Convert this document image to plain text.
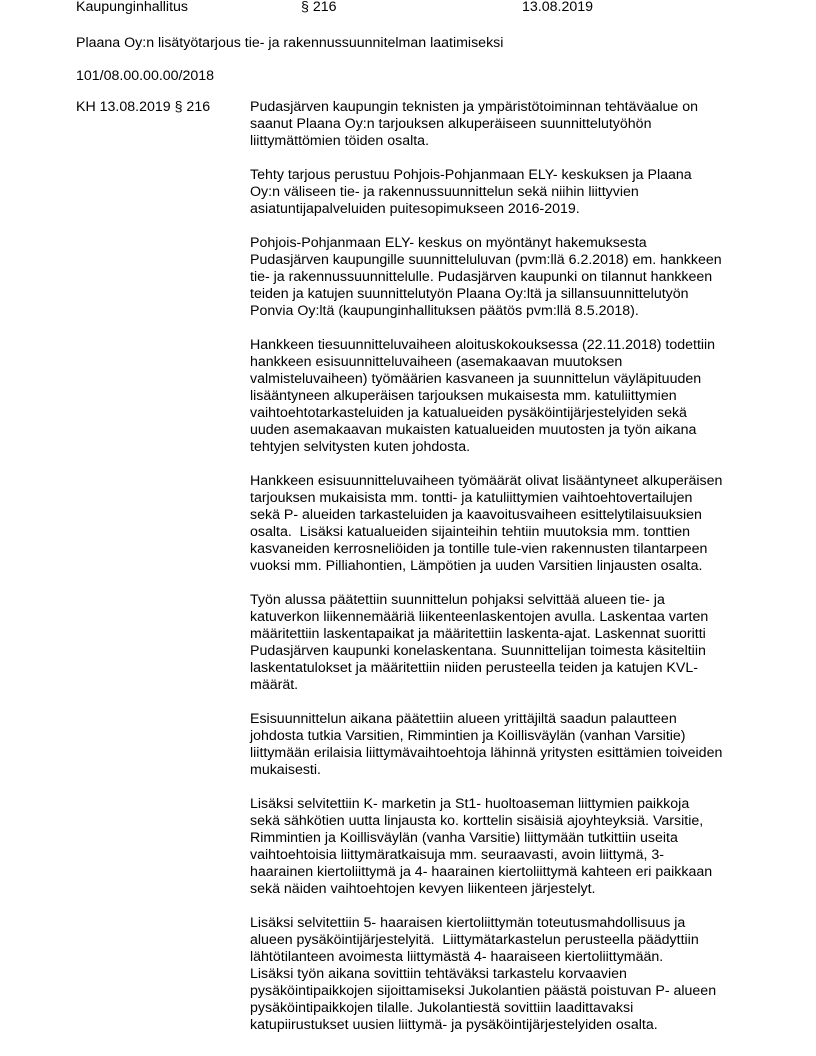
Kaupunginhallitus	§ 216	13.08.2019
Plaana Oy:n lisätyötarjous tie- ja rakennussuunnitelman laatimiseksi
101/08.00.00.00/2018
KH 13.08.2019 § 216	Pudasjärven kaupungin teknisten ja ympäristötoiminnan tehtäväalue on
saanut Plaana Oy:n tarjouksen alkuperäiseen suunnittelutyöhön
liittymättömien töiden osalta.

Tehty tarjous perustuu Pohjois-Pohjanmaan ELY- keskuksen ja Plaana
Oy:n väliseen tie- ja rakennussuunnittelun sekä niihin liittyvien
asiatuntijapalveluiden puitesopimukseen 2016-2019.

Pohjois-Pohjanmaan ELY- keskus on myöntänyt hakemuksesta
Pudasjärven kaupungille suunnitteluluvan (pvm:llä 6.2.2018) em. hankkeen
tie- ja rakennussuunnittelulle. Pudasjärven kaupunki on tilannut hankkeen
teiden ja katujen suunnittelutyön Plaana Oy:ltä ja sillansuunnittelutyön
Ponvia Oy:ltä (kaupunginhallituksen päätös pvm:llä 8.5.2018).

Hankkeen tiesuunnitteluvaiheen aloituskokouksessa (22.11.2018) todettiin
hankkeen esisuunnitteluvaiheen (asemakaavan muutoksen
valmisteluvaiheen) työmäärien kasvaneen ja suunnittelun väyläpituuden
lisääntyneen alkuperäisen tarjouksen mukaisesta mm. katuliittymien
vaihtoehtotarkasteluiden ja katualueiden pysäköintijärjestelyiden sekä
uuden asemakaavan mukaisten katualueiden muutosten ja työn aikana
tehtyjen selvitysten kuten johdosta.

Hankkeen esisuunnitteluvaiheen työmäärät olivat lisääntyneet alkuperäisen
tarjouksen mukaisista mm. tontti- ja katuliittymien vaihtoehtovertailujen
sekä P- alueiden tarkasteluiden ja kaavoitusvaiheen esittelytilaisuuksien
osalta.  Lisäksi katualueiden sijainteihin tehtiin muutoksia mm. tonttien
kasvaneiden kerrosneliöiden ja tontille tule-vien rakennusten tilantarpeen
vuoksi mm. Pilliahontien, Lämpötien ja uuden Varsitien linjausten osalta.

Työn alussa päätettiin suunnittelun pohjaksi selvittää alueen tie- ja
katuverkon liikennemääriä liikenteenlaskentojen avulla. Laskentaa varten
määritettiin laskentapaikat ja määritettiin laskenta-ajat. Laskennat suoritti
Pudasjärven kaupunki konelaskentana. Suunnittelijan toimesta käsiteltiin
laskentatulokset ja määritettiin niiden perusteella teiden ja katujen KVL-
määrät.

Esisuunnittelun aikana päätettiin alueen yrittäjiltä saadun palautteen
johdosta tutkia Varsitien, Rimmintien ja Koillisväylän (vanhan Varsitie)
liittymään erilaisia liittymävaihtoehtoja lähinnä yritysten esittämien toiveiden
mukaisesti.

Lisäksi selvitettiin K- marketin ja St1- huoltoaseman liittymien paikkoja
sekä sähkötien uutta linjausta ko. korttelin sisäisiä ajoyhteyksiä. Varsitie,
Rimmintien ja Koillisväylän (vanha Varsitie) liittymään tutkittiin useita
vaihtoehtoisia liittymäratkaisuja mm. seuraavasti, avoin liittymä, 3-
haarainen kiertoliittymä ja 4- haarainen kiertoliittymä kahteen eri paikkaan
sekä näiden vaihtoehtojen kevyen liikenteen järjestelyt.

Lisäksi selvitettiin 5- haaraisen kiertoliittymän toteutusmahdollisuus ja
alueen pysäköintijärjestelyitä.  Liittymätarkastelun perusteella päädyttiin
lähtötilanteen avoimesta liittymästä 4- haaraiseen kiertoliittymään.
Lisäksi työn aikana sovittiin tehtäväksi tarkastelu korvaavien
pysäköintipaikkojen sijoittamiseksi Jukolantien päästä poistuvan P- alueen
pysäköintipaikkojen tilalle. Jukolantiestä sovittiin laadittavaksi
katupiirustukset uusien liittymä- ja pysäköintijärjestelyiden osalta.
